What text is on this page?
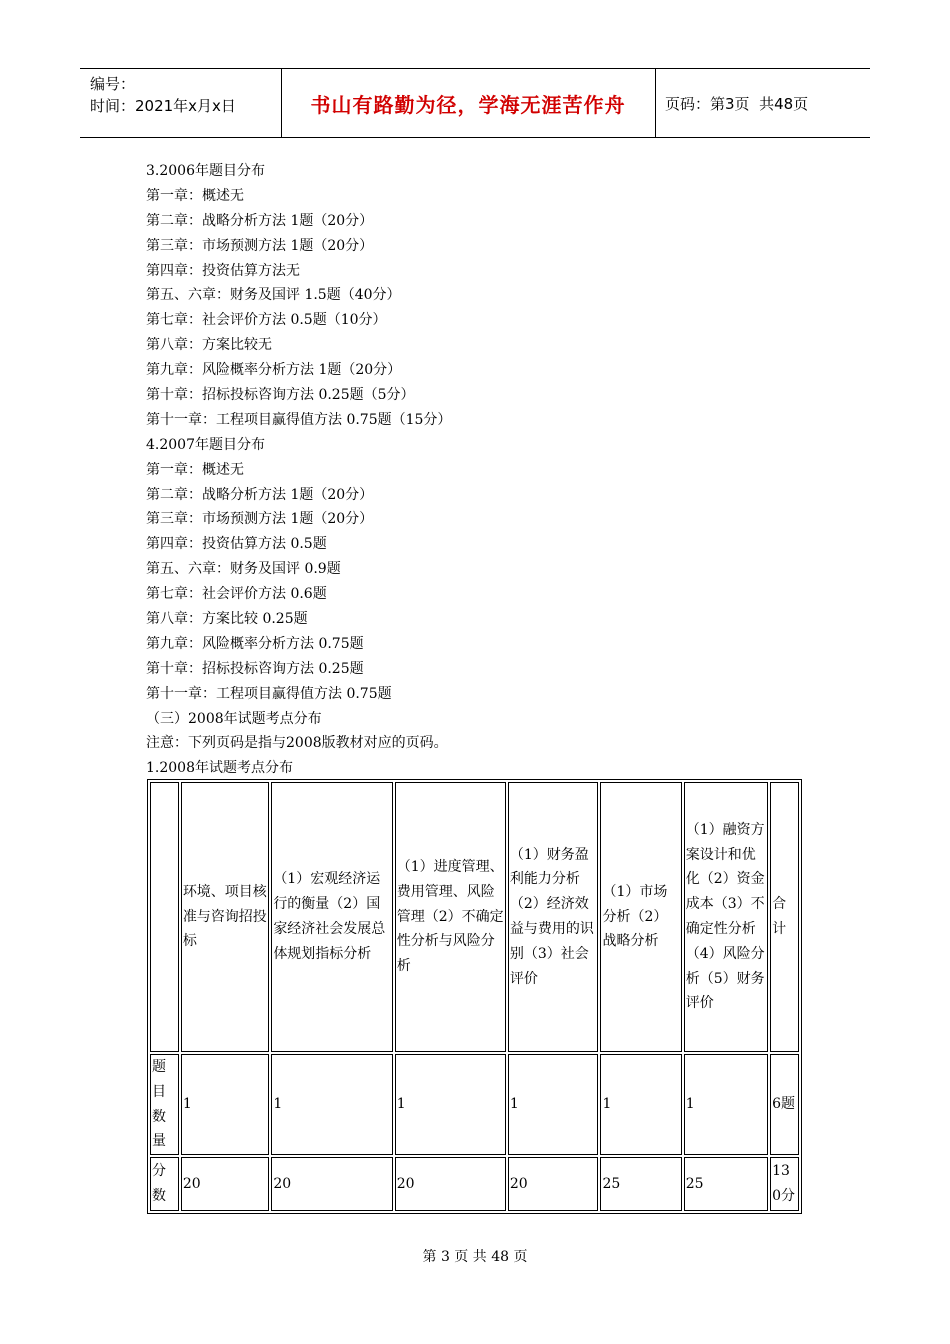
编号：
时间：2021年x月x日	书山有路勤为径，学海无涯苦作舟	页码：第3页  共48页
3.2006年题目分布
第一章：概述无
第二章：战略分析方法 1题（20分）
第三章：市场预测方法 1题（20分）
第四章：投资估算方法无
第五、六章：财务及国评 1.5题（40分）
第七章：社会评价方法 0.5题（10分）
第八章：方案比较无
第九章：风险概率分析方法 1题（20分）
第十章：招标投标咨询方法 0.25题（5分）
第十一章：工程项目赢得值方法 0.75题（15分）
4.2007年题目分布
第一章：概述无
第二章：战略分析方法 1题（20分）
第三章：市场预测方法 1题（20分）
第四章：投资估算方法 0.5题
第五、六章：财务及国评 0.9题
第七章：社会评价方法 0.6题
第八章：方案比较 0.25题
第九章：风险概率分析方法 0.75题
第十章：招标投标咨询方法 0.25题
第十一章：工程项目赢得值方法 0.75题
（三）2008年试题考点分布
注意：下列页码是指与2008版教材对应的页码。
1.2008年试题考点分布
	环境、项目核准与咨询招投标	（1）宏观经济运行的衡量（2）国家经济社会发展总体规划指标分析	（1）进度管理、费用管理、风险管理（2）不确定性分析与风险分析	（1）财务盈利能力分析（2）经济效益与费用的识别（3）社会评价	（1）市场分析（2）战略分析	（1）融资方案设计和优化（2）资金成本（3）不确定性分析（4）风险分析（5）财务评价	合计
题目数量	1	1	1	1	1	1	6题
分数	20	20	20	20	25	25	130分
第 3 页 共 48 页
